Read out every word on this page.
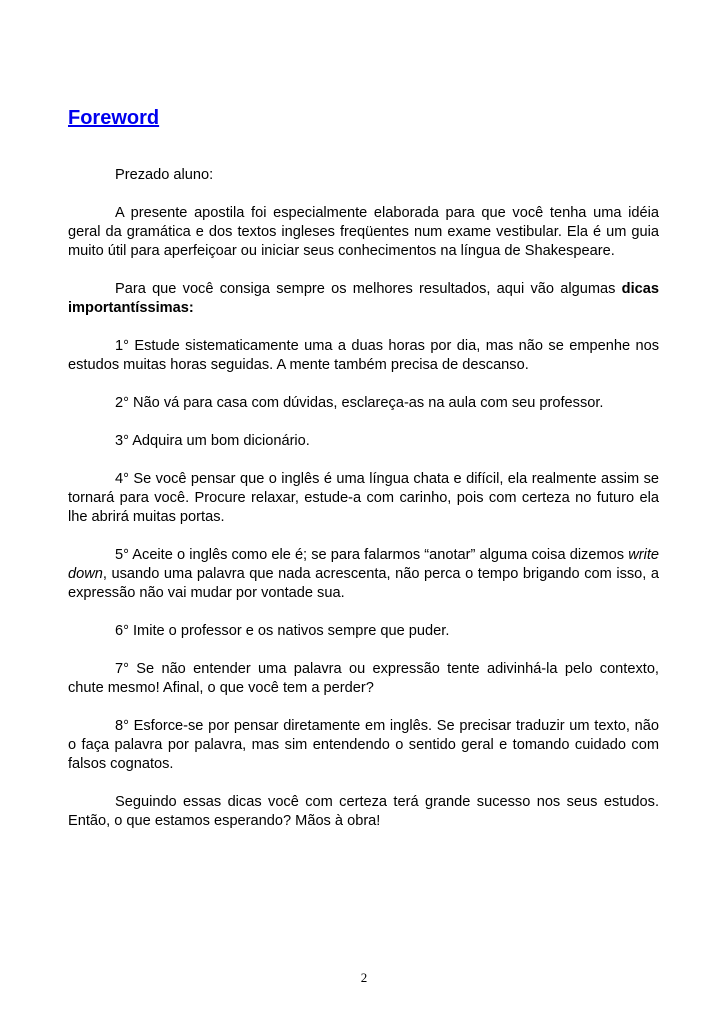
Foreword

Prezado aluno:

A presente apostila foi especialmente elaborada para que você tenha uma idéia geral da gramática e dos textos ingleses freqüentes num exame vestibular. Ela é um guia muito útil para aperfeiçoar ou iniciar seus conhecimentos na língua de Shakespeare.

Para que você consiga sempre os melhores resultados, aqui vão algumas dicas importantíssimas:

1° Estude sistematicamente uma a duas horas por dia, mas não se empenhe nos estudos muitas horas seguidas. A mente também precisa de descanso.

2° Não vá para casa com dúvidas, esclareça-as na aula com seu professor.

3° Adquira um bom dicionário.

4° Se você pensar que o inglês é uma língua chata e difícil, ela realmente assim se tornará para você. Procure relaxar, estude-a com carinho, pois com certeza no futuro ela lhe abrirá muitas portas.

5° Aceite o inglês como ele é; se para falarmos “anotar” alguma coisa dizemos write down, usando uma palavra que nada acrescenta, não perca o tempo brigando com isso, a expressão não vai mudar por vontade sua.

6° Imite o professor e os nativos sempre que puder.

7° Se não entender uma palavra ou expressão tente adivinhá-la pelo contexto, chute mesmo! Afinal, o que você tem a perder?

8° Esforce-se por pensar diretamente em inglês. Se precisar traduzir um texto, não o faça palavra por palavra, mas sim entendendo o sentido geral e tomando cuidado com falsos cognatos.

Seguindo essas dicas você com certeza terá grande sucesso nos seus estudos. Então, o que estamos esperando? Mãos à obra!

2
